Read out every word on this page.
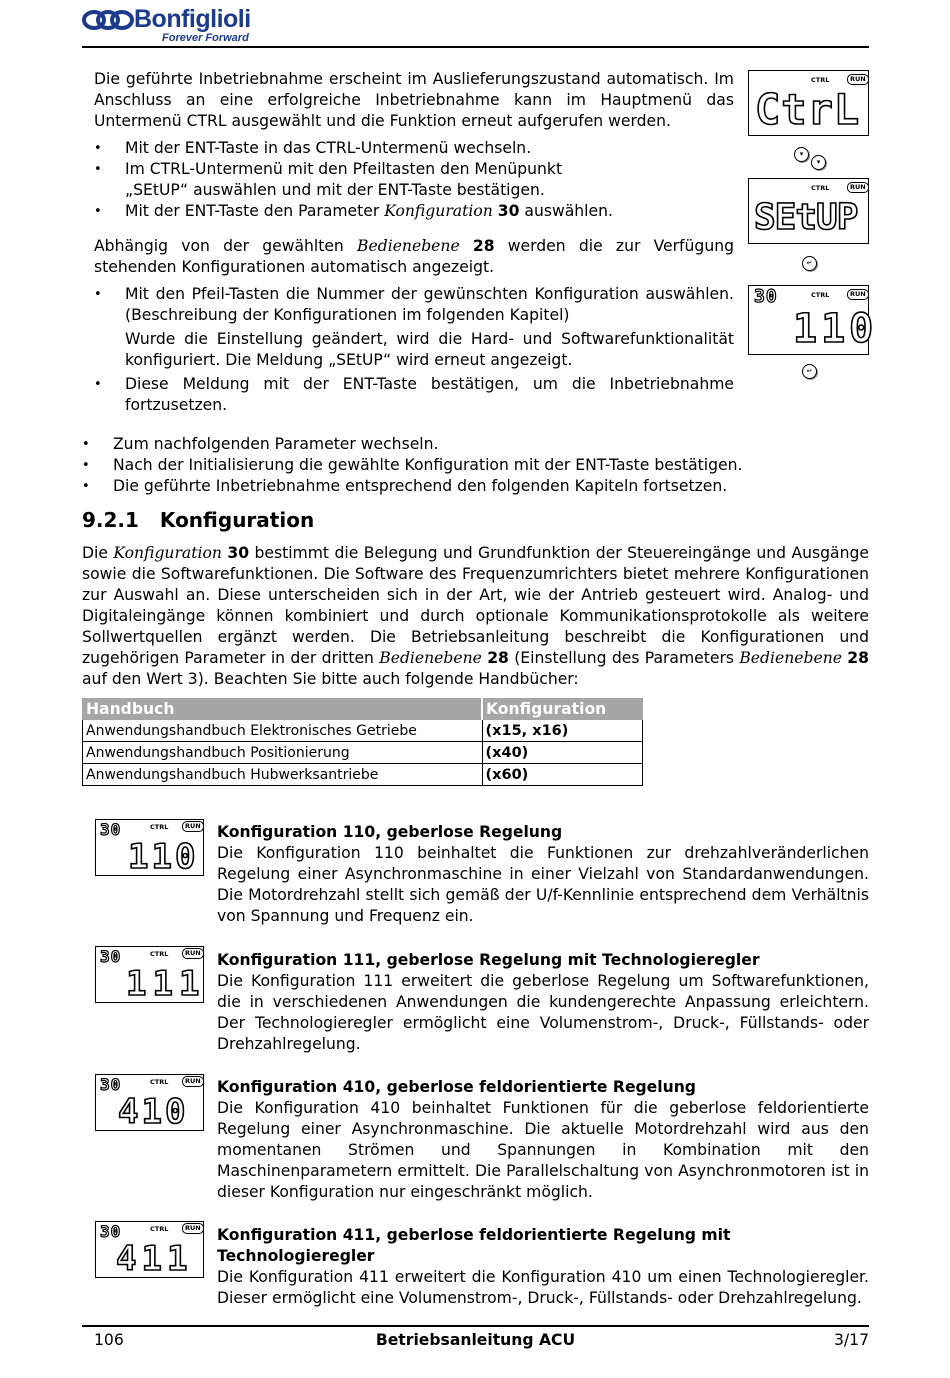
Bonfiglioli
Forever Forward

Die geführte Inbetriebnahme erscheint im Auslieferungszustand automatisch. Im Anschluss an eine erfolgreiche Inbetriebnahme kann im Hauptmenü das Untermenü CTRL ausgewählt und die Funktion erneut aufgerufen werden.

• Mit der ENT-Taste in das CTRL-Untermenü wechseln.
• Im CTRL-Untermenü mit den Pfeiltasten den Menüpunkt
„SEtUP“ auswählen und mit der ENT-Taste bestätigen.
• Mit der ENT-Taste den Parameter Konfiguration 30 auswählen.

Abhängig von der gewählten Bedienebene 28 werden die zur Verfügung stehenden Konfigurationen automatisch angezeigt.

• Mit den Pfeil-Tasten die Nummer der gewünschten Konfiguration auswählen. (Beschreibung der Konfigurationen im folgenden Kapitel)
Wurde die Einstellung geändert, wird die Hard- und Softwarefunktionalität konfiguriert. Die Meldung „SEtUP“ wird erneut angezeigt.
• Diese Meldung mit der ENT-Taste bestätigen, um die Inbetriebnahme fortzusetzen.
• Zum nachfolgenden Parameter wechseln.
• Nach der Initialisierung die gewählte Konfiguration mit der ENT-Taste bestätigen.
• Die geführte Inbetriebnahme entsprechend den folgenden Kapiteln fortsetzen.
CTRL	RUN
CtrL
▾
▾
CTRL	RUN
SEtUP
↵
30	CTRL	RUN
110
↵
9.2.1 Konfiguration

Die Konfiguration 30 bestimmt die Belegung und Grundfunktion der Steuereingänge und Ausgänge sowie die Softwarefunktionen. Die Software des Frequenzumrichters bietet mehrere Konfigurationen zur Auswahl an. Diese unterscheiden sich in der Art, wie der Antrieb gesteuert wird. Analog- und Digitaleingänge können kombiniert und durch optionale Kommunikationsprotokolle als weitere Sollwertquellen ergänzt werden. Die Betriebsanleitung beschreibt die Konfigurationen und zugehörigen Parameter in der dritten Bedienebene 28 (Einstellung des Parameters Bedienebene 28 auf den Wert 3). Beachten Sie bitte auch folgende Handbücher:

Handbuch	Konfiguration
Anwendungshandbuch Elektronisches Getriebe	(x15, x16)
Anwendungshandbuch Positionierung	(x40)
Anwendungshandbuch Hubwerksantriebe	(x60)
30	CTRL	RUN
110
Konfiguration 110, geberlose Regelung

Die Konfiguration 110 beinhaltet die Funktionen zur drehzahlveränderlichen Regelung einer Asynchronmaschine in einer Vielzahl von Standardanwendungen. Die Motordrehzahl stellt sich gemäß der U/f-Kennlinie entsprechend dem Verhältnis von Spannung und Frequenz ein.

30	CTRL	RUN
111
Konfiguration 111, geberlose Regelung mit Technologieregler

Die Konfiguration 111 erweitert die geberlose Regelung um Softwarefunktionen, die in verschiedenen Anwendungen die kundengerechte Anpassung erleichtern. Der Technologieregler ermöglicht eine Volumenstrom-, Druck-, Füllstands- oder Drehzahlregelung.

30	CTRL	RUN
410
Konfiguration 410, geberlose feldorientierte Regelung

Die Konfiguration 410 beinhaltet Funktionen für die geberlose feldorientierte Regelung einer Asynchronmaschine. Die aktuelle Motordrehzahl wird aus den momentanen Strömen und Spannungen in Kombination mit den Maschinenparametern ermittelt. Die Parallelschaltung von Asynchronmotoren ist in dieser Konfiguration nur eingeschränkt möglich.

30	CTRL	RUN
411
Konfiguration 411, geberlose feldorientierte Regelung mit Technologieregler

Die Konfiguration 411 erweitert die Konfiguration 410 um einen Technologieregler. Dieser ermöglicht eine Volumenstrom-, Druck-, Füllstands- oder Drehzahlregelung.

106	Betriebsanleitung ACU	3/17
